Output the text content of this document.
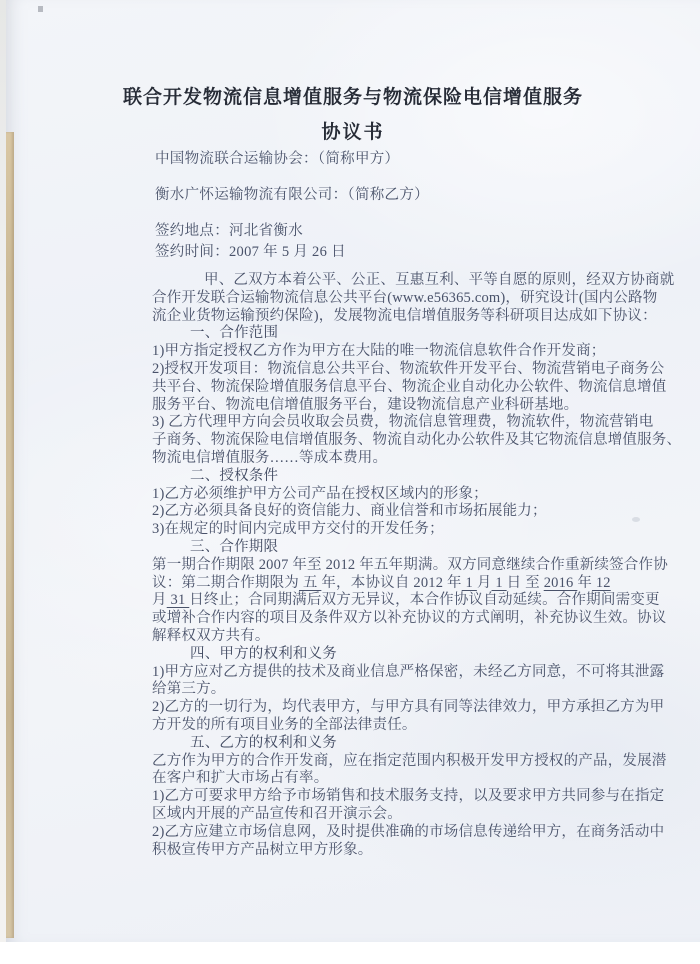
联合开发物流信息增值服务与物流保险电信增值服务
协议书

中国物流联合运输协会：（简称甲方）

衡水广怀运输物流有限公司：（简称乙方）

签约地点：河北省衡水

签约时间：2007 年 5 月 26 日

甲、乙双方本着公平、公正、互惠互利、平等自愿的原则，经双方协商就
合作开发联合运输物流信息公共平台(www.e56365.com)，研究设计(国内公路物
流企业货物运输预约保险)，发展物流电信增值服务等科研项目达成如下协议：
一、合作范围
1)甲方指定授权乙方作为甲方在大陆的唯一物流信息软件合作开发商；
2)授权开发项目：物流信息公共平台、物流软件开发平台、物流营销电子商务公
共平台、物流保险增值服务信息平台、物流企业自动化办公软件、物流信息增值
服务平台、物流电信增值服务平台，建设物流信息产业科研基地。
3) 乙方代理甲方向会员收取会员费，物流信息管理费，物流软件，物流营销电
子商务、物流保险电信增值服务、物流自动化办公软件及其它物流信息增值服务、
物流电信增值服务……等成本费用。
二、授权条件
1)乙方必须维护甲方公司产品在授权区域内的形象；
2)乙方必须具备良好的资信能力、商业信誉和市场拓展能力；
3)在规定的时间内完成甲方交付的开发任务；
三、合作期限
第一期合作期限 2007 年至 2012 年五年期满。双方同意继续合作重新续签合作协
议：第二期合作期限为 五 年，本协议自 2012 年 1 月 1 日 至 2016 年 12
月 31 日终止；合同期满后双方无异议，本合作协议自动延续。合作期间需变更
或增补合作内容的项目及条件双方以补充协议的方式阐明，补充协议生效。协议
解释权双方共有。
四、甲方的权利和义务
1)甲方应对乙方提供的技术及商业信息严格保密，未经乙方同意，不可将其泄露
给第三方。
2)乙方的一切行为，均代表甲方，与甲方具有同等法律效力，甲方承担乙方为甲
方开发的所有项目业务的全部法律责任。
五、乙方的权利和义务
乙方作为甲方的合作开发商，应在指定范围内积极开发甲方授权的产品，发展潜
在客户和扩大市场占有率。
1)乙方可要求甲方给予市场销售和技术服务支持，以及要求甲方共同参与在指定
区域内开展的产品宣传和召开演示会。
2)乙方应建立市场信息网，及时提供准确的市场信息传递给甲方，在商务活动中
积极宣传甲方产品树立甲方形象。
